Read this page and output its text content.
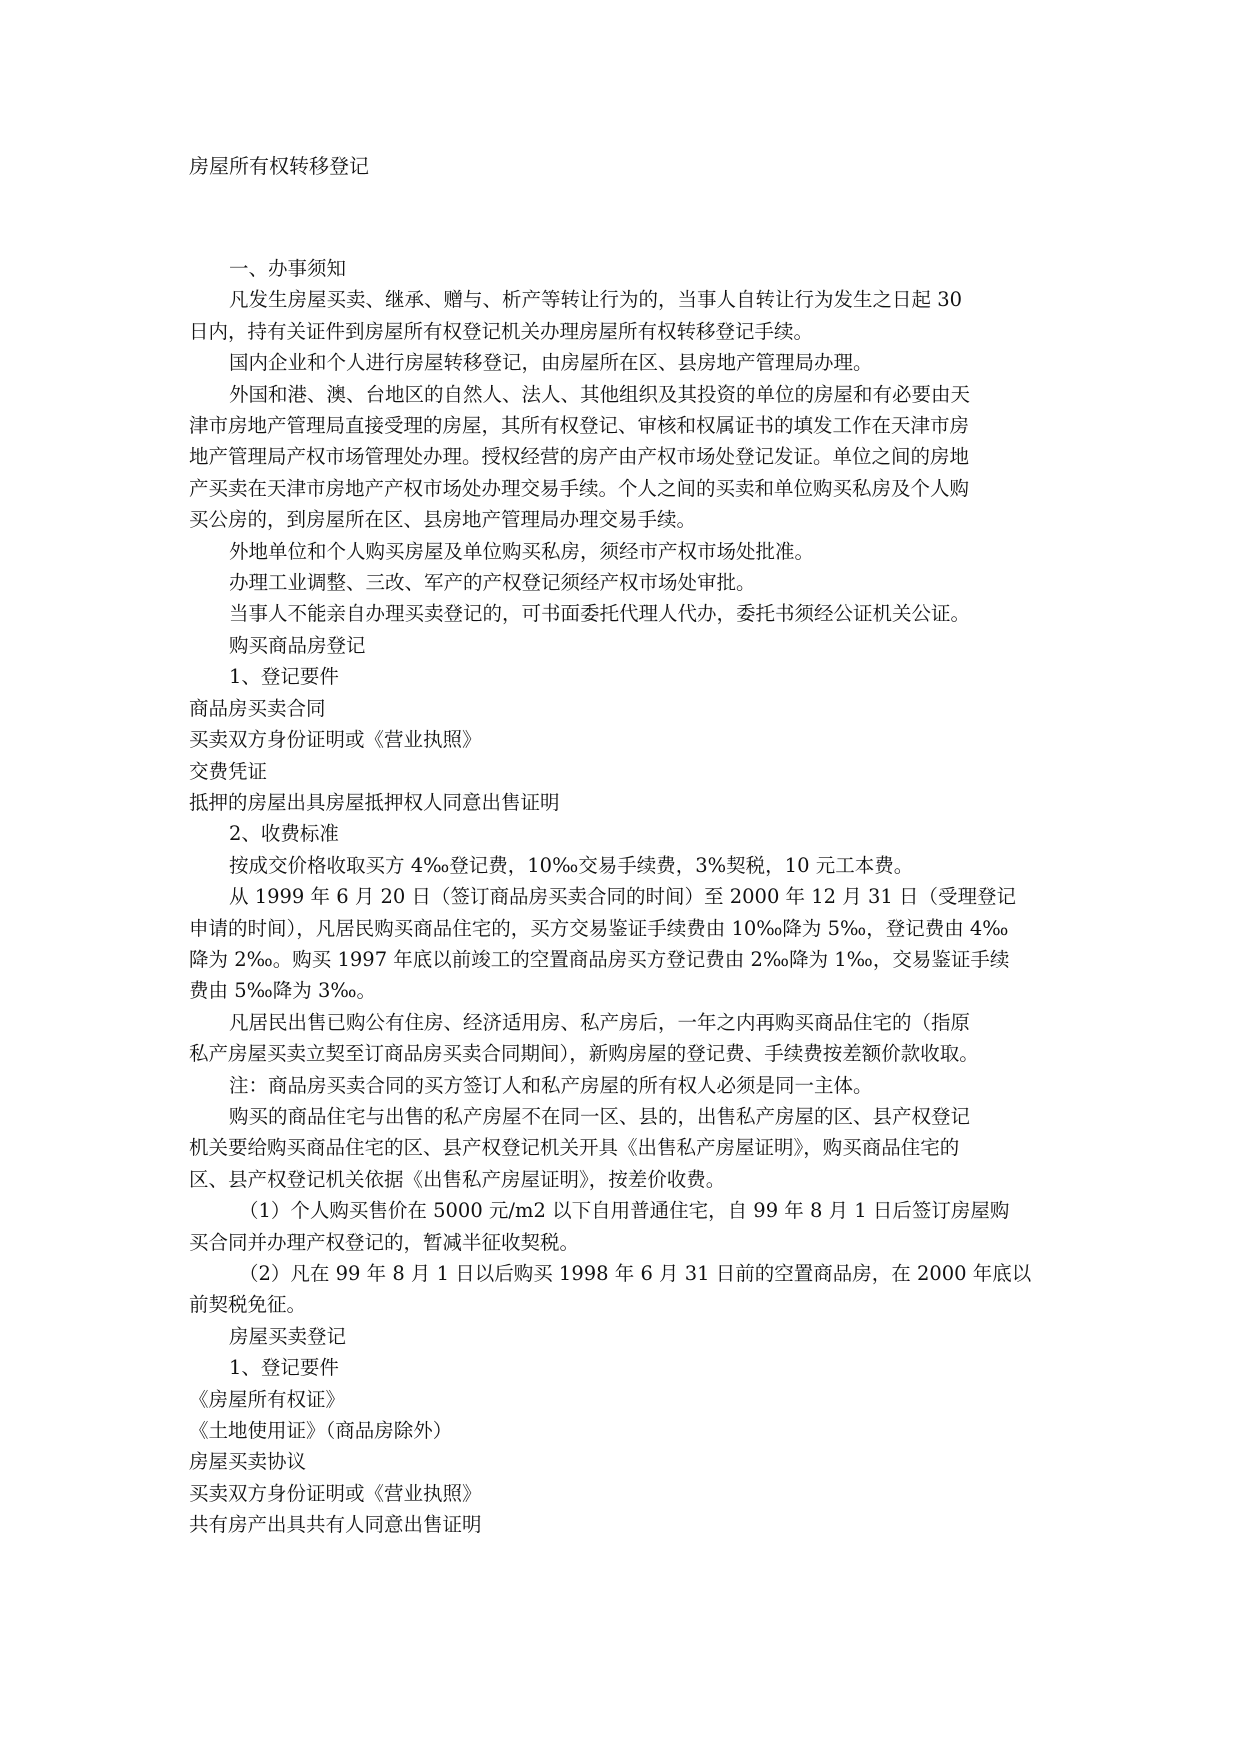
房屋所有权转移登记
一、办事须知
凡发生房屋买卖、继承、赠与、析产等转让行为的，当事人自转让行为发生之日起 30
日内，持有关证件到房屋所有权登记机关办理房屋所有权转移登记手续。
国内企业和个人进行房屋转移登记，由房屋所在区、县房地产管理局办理。
外国和港、澳、台地区的自然人、法人、其他组织及其投资的单位的房屋和有必要由天
津市房地产管理局直接受理的房屋，其所有权登记、审核和权属证书的填发工作在天津市房
地产管理局产权市场管理处办理。授权经营的房产由产权市场处登记发证。单位之间的房地
产买卖在天津市房地产产权市场处办理交易手续。个人之间的买卖和单位购买私房及个人购
买公房的，到房屋所在区、县房地产管理局办理交易手续。
外地单位和个人购买房屋及单位购买私房，须经市产权市场处批准。
办理工业调整、三改、军产的产权登记须经产权市场处审批。
当事人不能亲自办理买卖登记的，可书面委托代理人代办，委托书须经公证机关公证。
购买商品房登记
1、登记要件
商品房买卖合同
买卖双方身份证明或《营业执照》
交费凭证
抵押的房屋出具房屋抵押权人同意出售证明
2、收费标准
按成交价格收取买方 4‰登记费，10‰交易手续费，3%契税，10 元工本费。
从 1999 年 6 月 20 日（签订商品房买卖合同的时间）至 2000 年 12 月 31 日（受理登记
申请的时间），凡居民购买商品住宅的，买方交易鉴证手续费由 10‰降为 5‰，登记费由 4‰
降为 2‰。购买 1997 年底以前竣工的空置商品房买方登记费由 2‰降为 1‰，交易鉴证手续
费由 5‰降为 3‰。
凡居民出售已购公有住房、经济适用房、私产房后，一年之内再购买商品住宅的（指原
私产房屋买卖立契至订商品房买卖合同期间），新购房屋的登记费、手续费按差额价款收取。
注：商品房买卖合同的买方签订人和私产房屋的所有权人必须是同一主体。
购买的商品住宅与出售的私产房屋不在同一区、县的，出售私产房屋的区、县产权登记
机关要给购买商品住宅的区、县产权登记机关开具《出售私产房屋证明》，购买商品住宅的
区、县产权登记机关依据《出售私产房屋证明》，按差价收费。
（1）个人购买售价在 5000 元/m2 以下自用普通住宅，自 99 年 8 月 1 日后签订房屋购
买合同并办理产权登记的，暂减半征收契税。
（2）凡在 99 年 8 月 1 日以后购买 1998 年 6 月 31 日前的空置商品房，在 2000 年底以
前契税免征。
房屋买卖登记
1、登记要件
《房屋所有权证》
《土地使用证》（商品房除外）
房屋买卖协议
买卖双方身份证明或《营业执照》
共有房产出具共有人同意出售证明
